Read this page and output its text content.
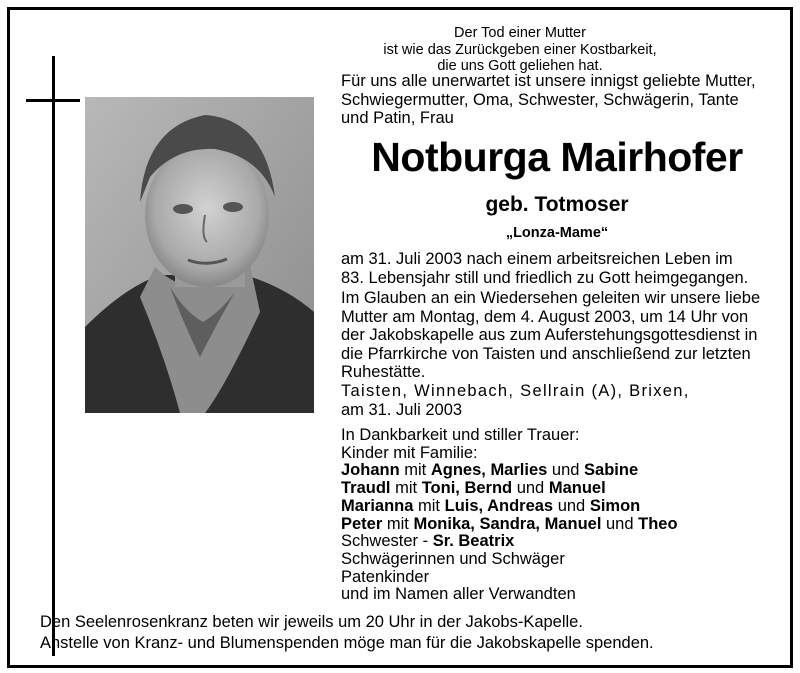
Der Tod einer Mutter
ist wie das Zurückgeben einer Kostbarkeit,
die uns Gott geliehen hat.
Für uns alle unerwartet ist unsere innigst geliebte Mutter,
Schwiegermutter, Oma, Schwester, Schwägerin, Tante
und Patin, Frau
Notburga Mairhofer
geb. Totmoser
„Lonza-Mame“
am 31. Juli 2003 nach einem arbeitsreichen Leben im
83. Lebensjahr still und friedlich zu Gott heimgegangen.
Im Glauben an ein Wiedersehen geleiten wir unsere liebe
Mutter am Montag, dem 4. August 2003, um 14 Uhr von
der Jakobskapelle aus zum Auferstehungsgottesdienst in
die Pfarrkirche von Taisten und anschließend zur letzten
Ruhestätte.
Taisten, Winnebach, Sellrain (A), Brixen,
am 31. Juli 2003
In Dankbarkeit und stiller Trauer:
Kinder mit Familie:
Johann mit Agnes, Marlies und Sabine
Traudl mit Toni, Bernd und Manuel
Marianna mit Luis, Andreas und Simon
Peter mit Monika, Sandra, Manuel und Theo
Schwester - Sr. Beatrix
Schwägerinnen und Schwäger
Patenkinder
und im Namen aller Verwandten
Den Seelenrosenkranz beten wir jeweils um 20 Uhr in der Jakobs-Kapelle.
Anstelle von Kranz- und Blumenspenden möge man für die Jakobskapelle spenden.
